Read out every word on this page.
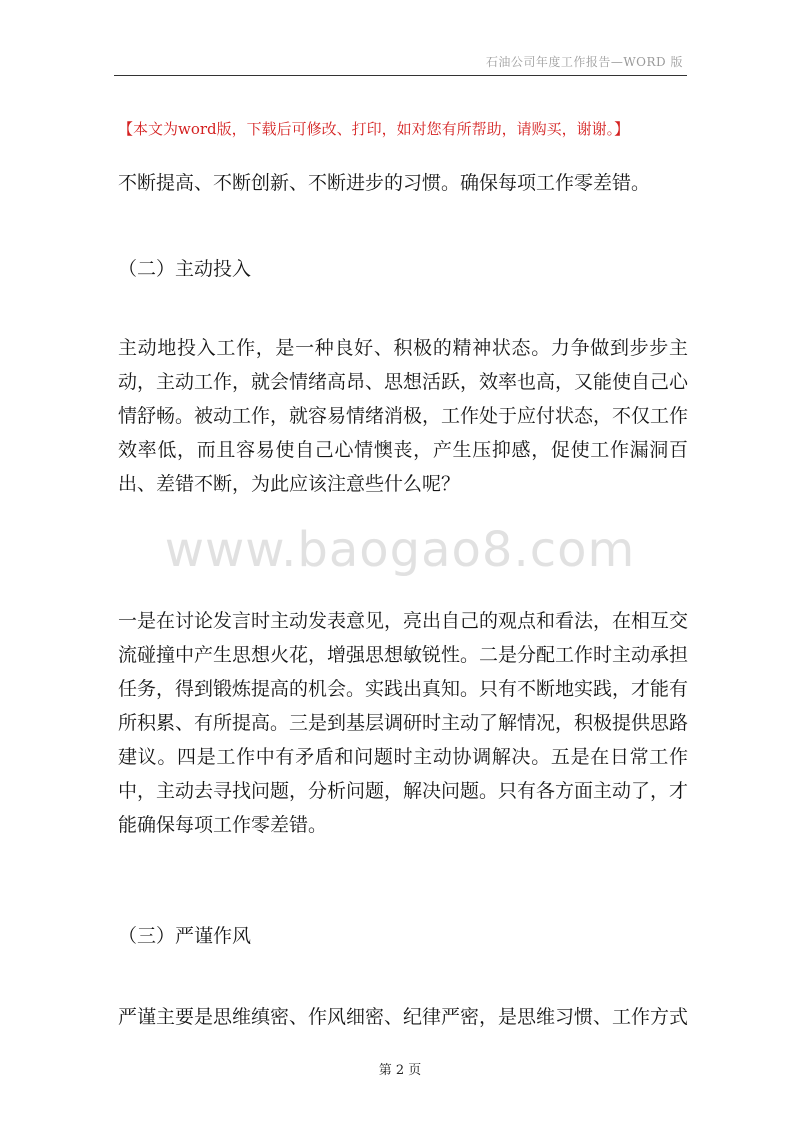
石油公司年度工作报告—WORD 版
【本文为word版，下载后可修改、打印，如对您有所帮助，请购买，谢谢。】

不断提高、不断创新、不断进步的习惯。确保每项工作零差错。

（二）主动投入

主动地投入工作，是一种良好、积极的精神状态。力争做到步步主动，主动工作，就会情绪高昂、思想活跃，效率也高，又能使自己心情舒畅。被动工作，就容易情绪消极，工作处于应付状态，不仅工作效率低，而且容易使自己心情懊丧，产生压抑感，促使工作漏洞百出、差错不断，为此应该注意些什么呢？

www.baogao8.com

一是在讨论发言时主动发表意见，亮出自己的观点和看法，在相互交流碰撞中产生思想火花，增强思想敏锐性。二是分配工作时主动承担任务，得到锻炼提高的机会。实践出真知。只有不断地实践，才能有所积累、有所提高。三是到基层调研时主动了解情况，积极提供思路建议。四是工作中有矛盾和问题时主动协调解决。五是在日常工作中，主动去寻找问题，分析问题，解决问题。只有各方面主动了，才能确保每项工作零差错。

（三）严谨作风

严谨主要是思维缜密、作风细密、纪律严密，是思维习惯、工作方式

第 2 页
